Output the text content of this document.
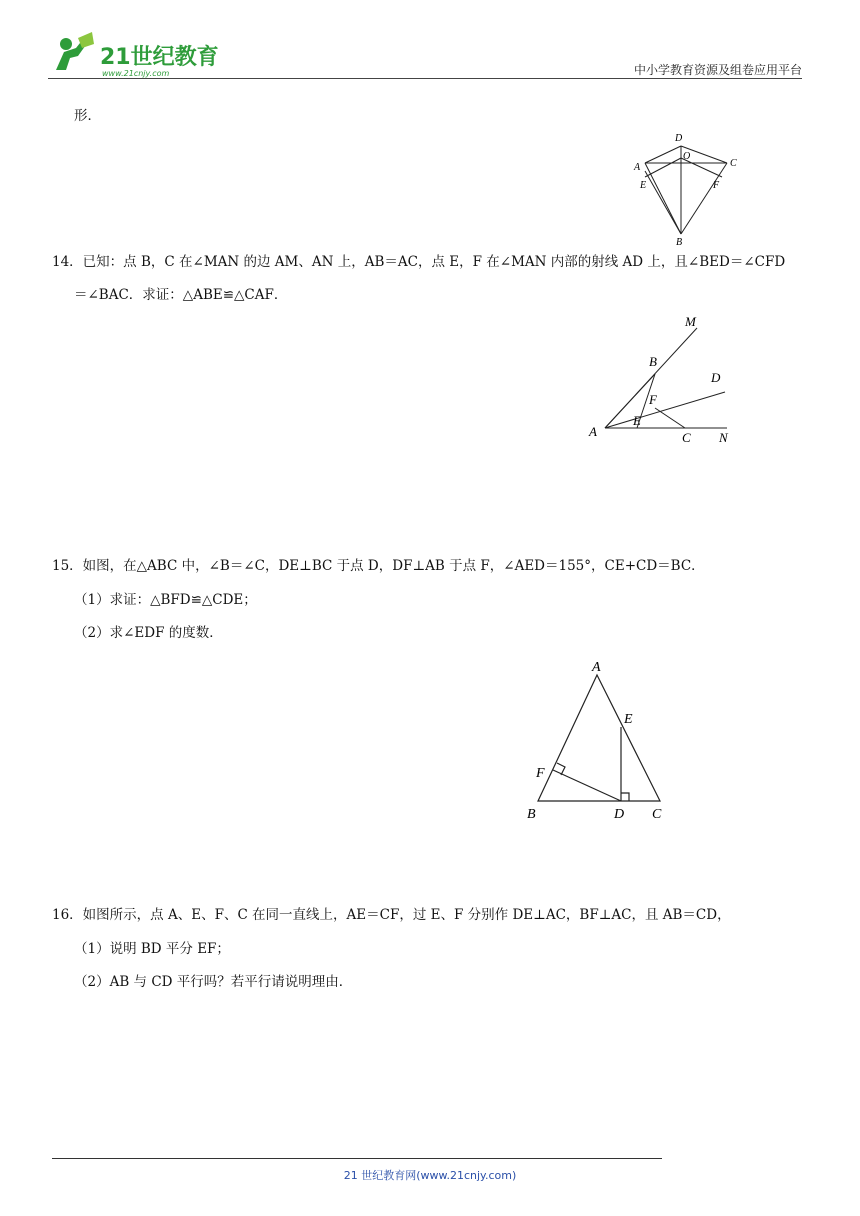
21世纪教育
www.21cnjy.com	中小学教育资源及组卷应用平台
形．
D
O
A	C
E	F
B
14．已知：点 B，C 在∠MAN 的边 AM、AN 上，AB＝AC，点 E，F 在∠MAN 内部的射线 AD 上，且∠BED＝∠CFD
＝∠BAC．求证：△ABE≌△CAF．
M
B
D
F
A
E
C N
15．如图，在△ABC 中，∠B＝∠C，DE⊥BC 于点 D，DF⊥AB 于点 F，∠AED＝155°，CE+CD＝BC．
（1）求证：△BFD≌△CDE；
（2）求∠EDF 的度数．
A
E
F
B	D C
16．如图所示，点 A、E、F、C 在同一直线上，AE＝CF，过 E、F 分别作 DE⊥AC，BF⊥AC，且 AB＝CD，
（1）说明 BD 平分 EF；
（2）AB 与 CD 平行吗？若平行请说明理由．
21 世纪教育网(www.21cnjy.com)
